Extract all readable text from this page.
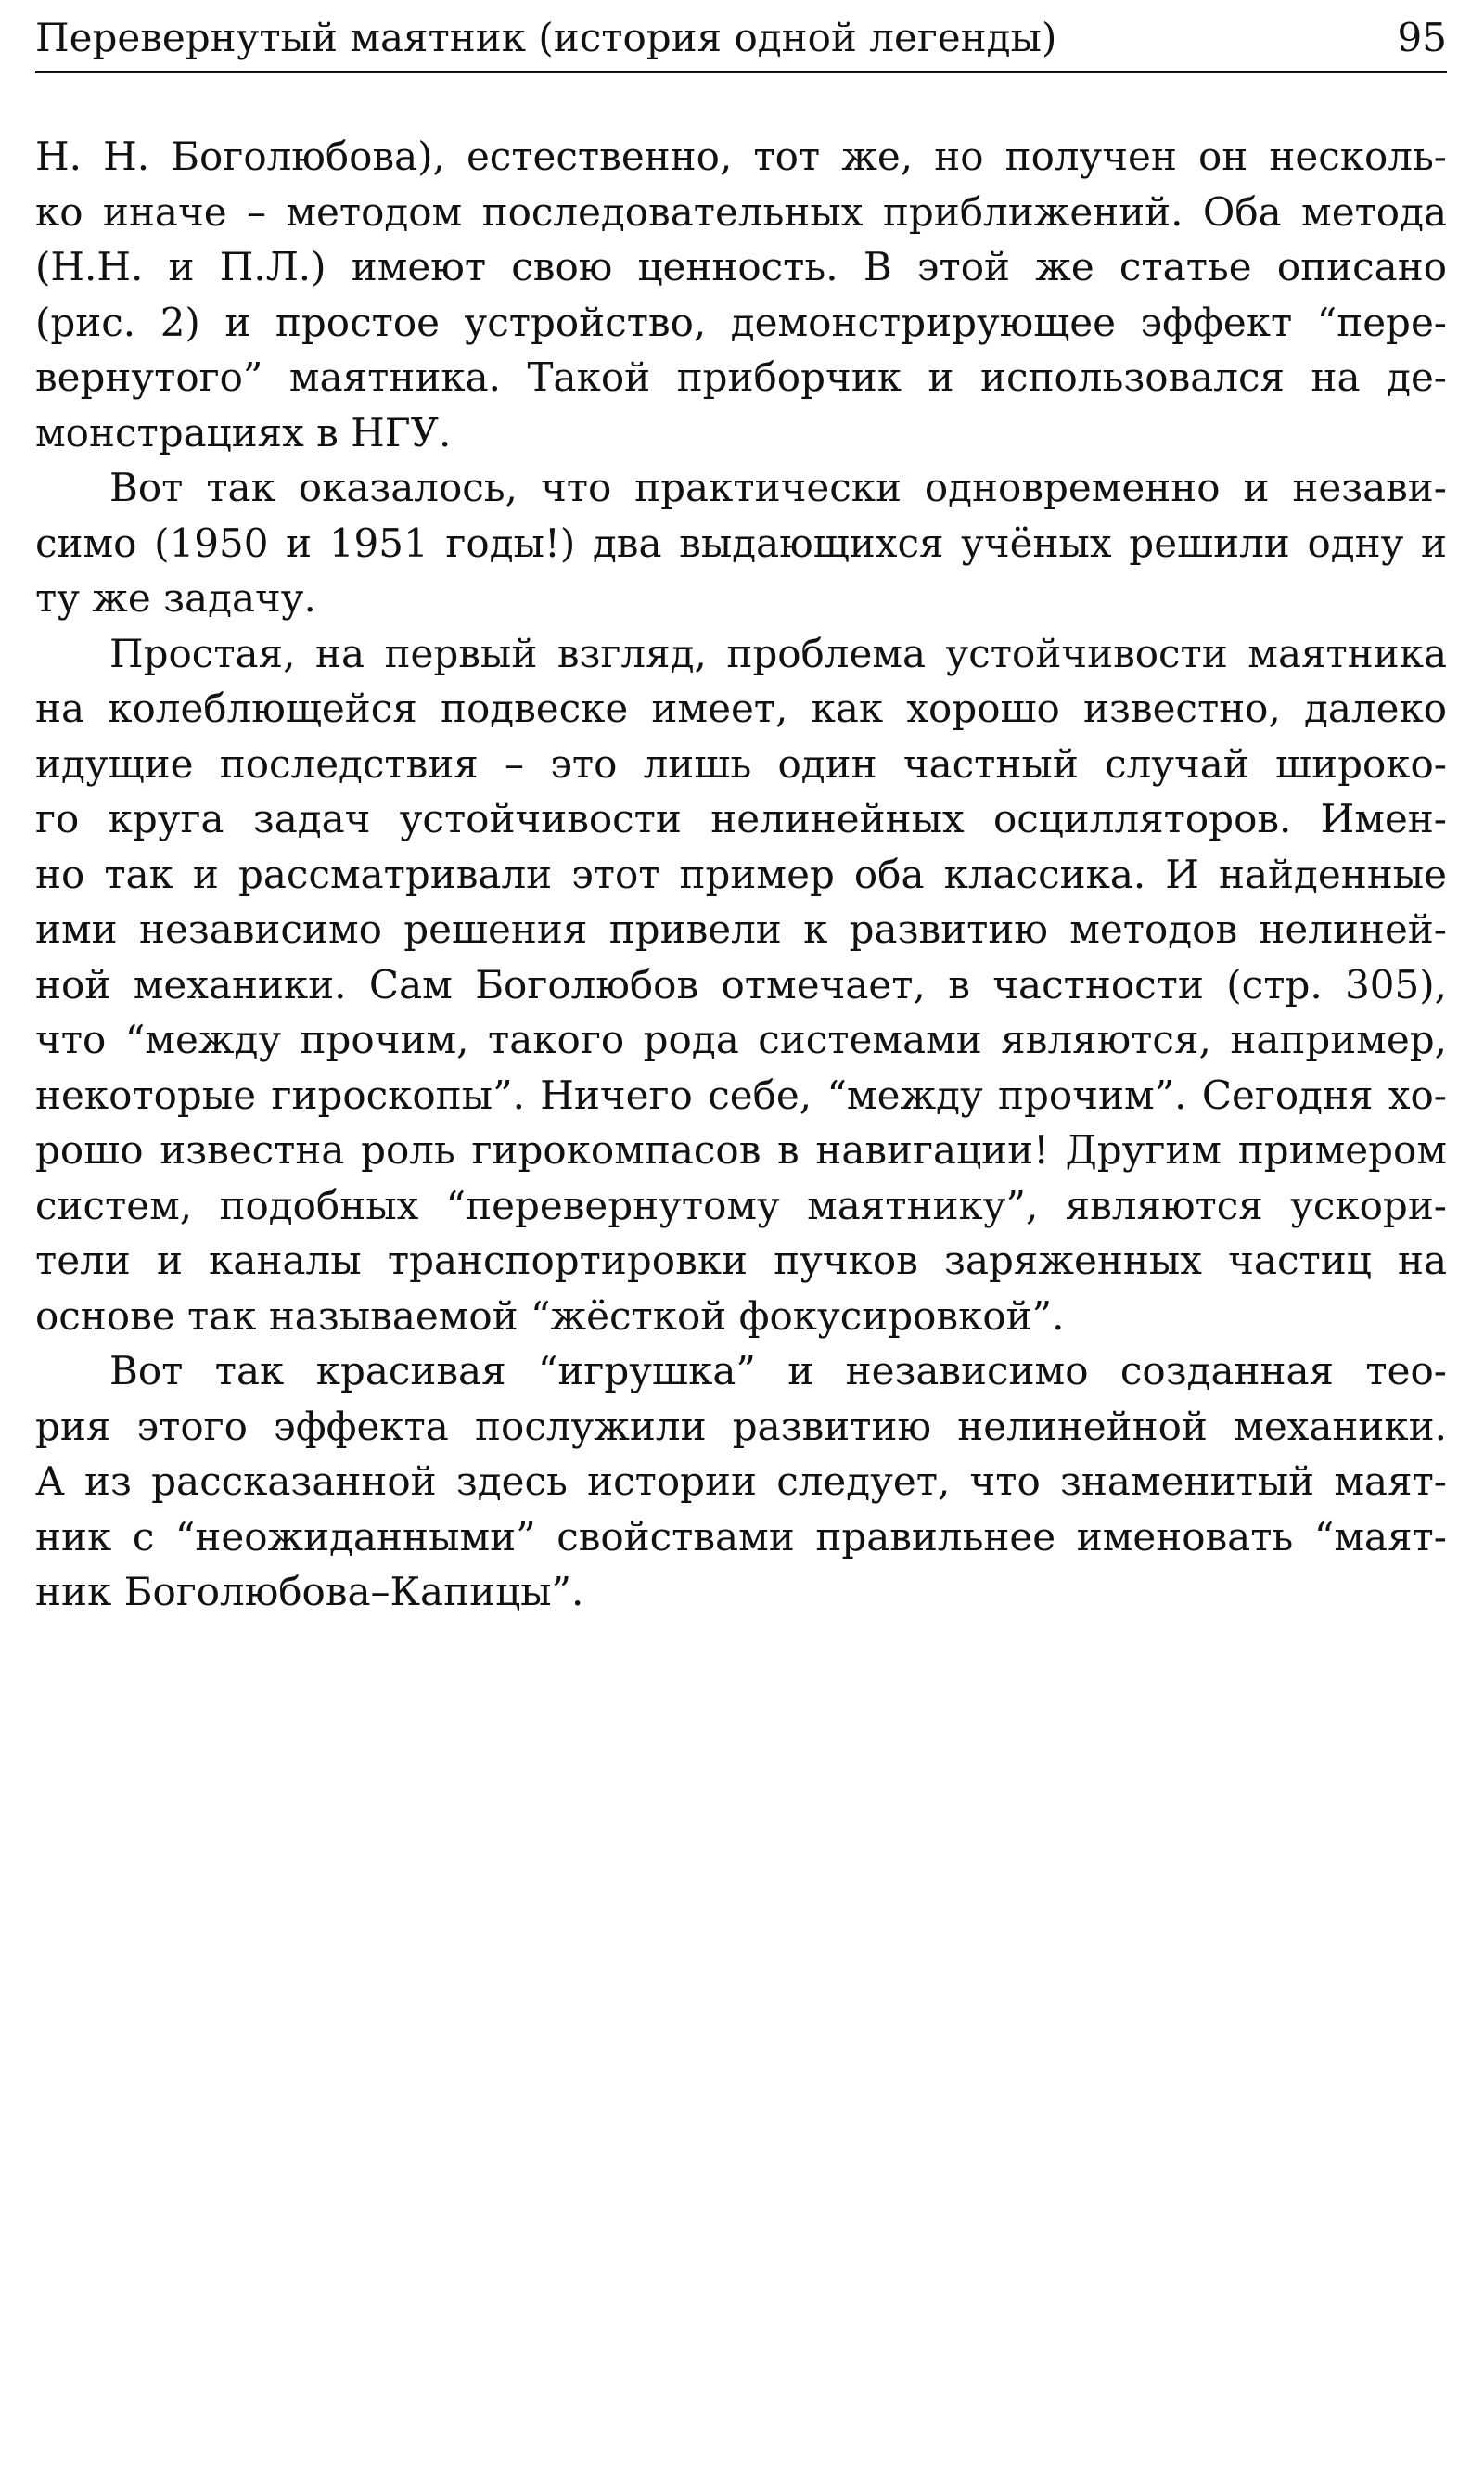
Перевернутый маятник (история одной легенды)	95

Н. Н. Боголюбова), естественно, тот же, но получен он несколь-
ко иначе – методом последовательных приближений. Оба метода
(Н.Н. и П.Л.) имеют свою ценность. В этой же статье описано
(рис. 2) и простое устройство, демонстрирующее эффект “пере-
вернутого” маятника. Такой приборчик и использовался на де-
монстрациях в НГУ.

Вот так оказалось, что практически одновременно и незави-
симо (1950 и 1951 годы!) два выдающихся учёных решили одну и
ту же задачу.

Простая, на первый взгляд, проблема устойчивости маятника
на колеблющейся подвеске имеет, как хорошо известно, далеко
идущие последствия – это лишь один частный случай широко-
го круга задач устойчивости нелинейных осцилляторов. Имен-
но так и рассматривали этот пример оба классика. И найденные
ими независимо решения привели к развитию методов нелиней-
ной механики. Сам Боголюбов отмечает, в частности (стр. 305),
что “между прочим, такого рода системами являются, например,
некоторые гироскопы”. Ничего себе, “между прочим”. Сегодня хо-
рошо известна роль гирокомпасов в навигации! Другим примером
систем, подобных “перевернутому маятнику”, являются ускори-
тели и каналы транспортировки пучков заряженных частиц на
основе так называемой “жёсткой фокусировкой”.

Вот так красивая “игрушка” и независимо созданная тео-
рия этого эффекта послужили развитию нелинейной механики.
А из рассказанной здесь истории следует, что знаменитый маят-
ник с “неожиданными” свойствами правильнее именовать “маят-
ник Боголюбова–Капицы”.
